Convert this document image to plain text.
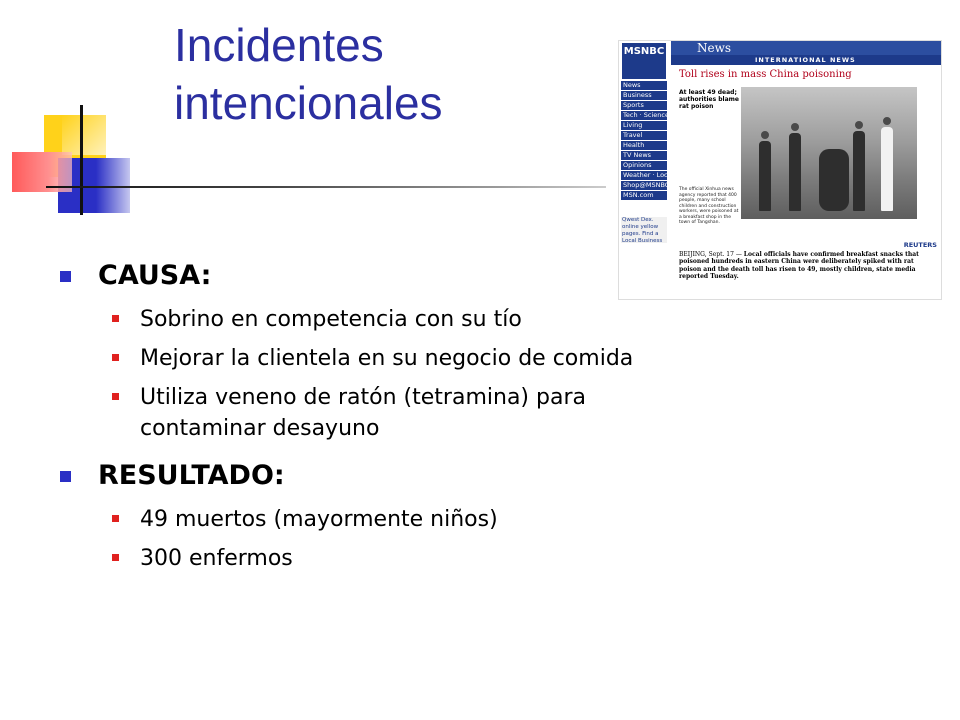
Incidentes intencionales
CAUSA:
Sobrino en competencia con su tío
Mejorar la clientela en su negocio de comida
Utiliza veneno de ratón (tetramina) para contaminar desayuno
RESULTADO:
49 muertos (mayormente niños)
300 enfermos
MSNBC
News
Business
Sports
Tech · Science
Living
Travel
Health
TV News
Opinions
Weather · Local
Shop@MSNBC
MSN.com
Qwest Dex. online yellow pages. Find a Local Business
News
INTERNATIONAL NEWS
Toll rises in mass China poisoning
At least 49 dead; authorities blame rat poison
The official Xinhua news agency reported that 400 people, many school children and construction workers, were poisoned at a breakfast shop in the town of Tangshan.
REUTERS
BEIJING, Sept. 17 — Local officials have confirmed breakfast snacks that poisoned hundreds in eastern China were deliberately spiked with rat poison and the death toll has risen to 49, mostly children, state media reported Tuesday.
